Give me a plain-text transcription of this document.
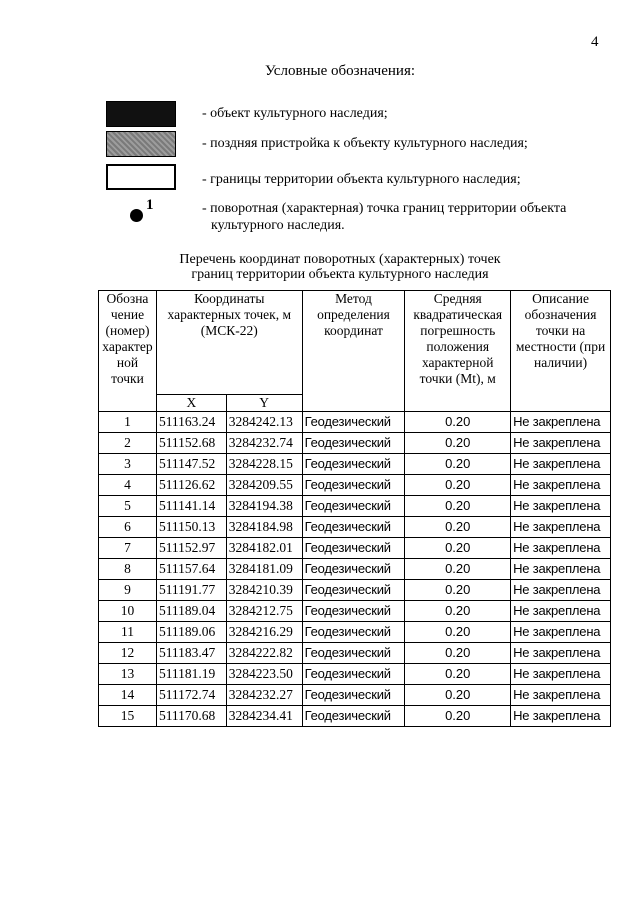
4
Условные обозначения:
- объект культурного наследия;
- поздняя пристройка к объекту культурного наследия;
- границы территории объекта культурного наследия;
1	- поворотная (характерная) точка границ территории объекта
культурного наследия.
Перечень координат поворотных (характерных) точек
границ территории объекта культурного наследия
Обозна чение (номер) характер ной точки	Координаты характерных точек, м (МСК-22)		Метод определения координат	Средняя квадратическая погрешность положения характерной точки (Mt), м	Описание обозначения точки на местности (при наличии)
	X	Y			
1	511163.24	3284242.13	Геодезический	0.20	Не закреплена
2	511152.68	3284232.74	Геодезический	0.20	Не закреплена
3	511147.52	3284228.15	Геодезический	0.20	Не закреплена
4	511126.62	3284209.55	Геодезический	0.20	Не закреплена
5	511141.14	3284194.38	Геодезический	0.20	Не закреплена
6	511150.13	3284184.98	Геодезический	0.20	Не закреплена
7	511152.97	3284182.01	Геодезический	0.20	Не закреплена
8	511157.64	3284181.09	Геодезический	0.20	Не закреплена
9	511191.77	3284210.39	Геодезический	0.20	Не закреплена
10	511189.04	3284212.75	Геодезический	0.20	Не закреплена
11	511189.06	3284216.29	Геодезический	0.20	Не закреплена
12	511183.47	3284222.82	Геодезический	0.20	Не закреплена
13	511181.19	3284223.50	Геодезический	0.20	Не закреплена
14	511172.74	3284232.27	Геодезический	0.20	Не закреплена
15	511170.68	3284234.41	Геодезический	0.20	Не закреплена
